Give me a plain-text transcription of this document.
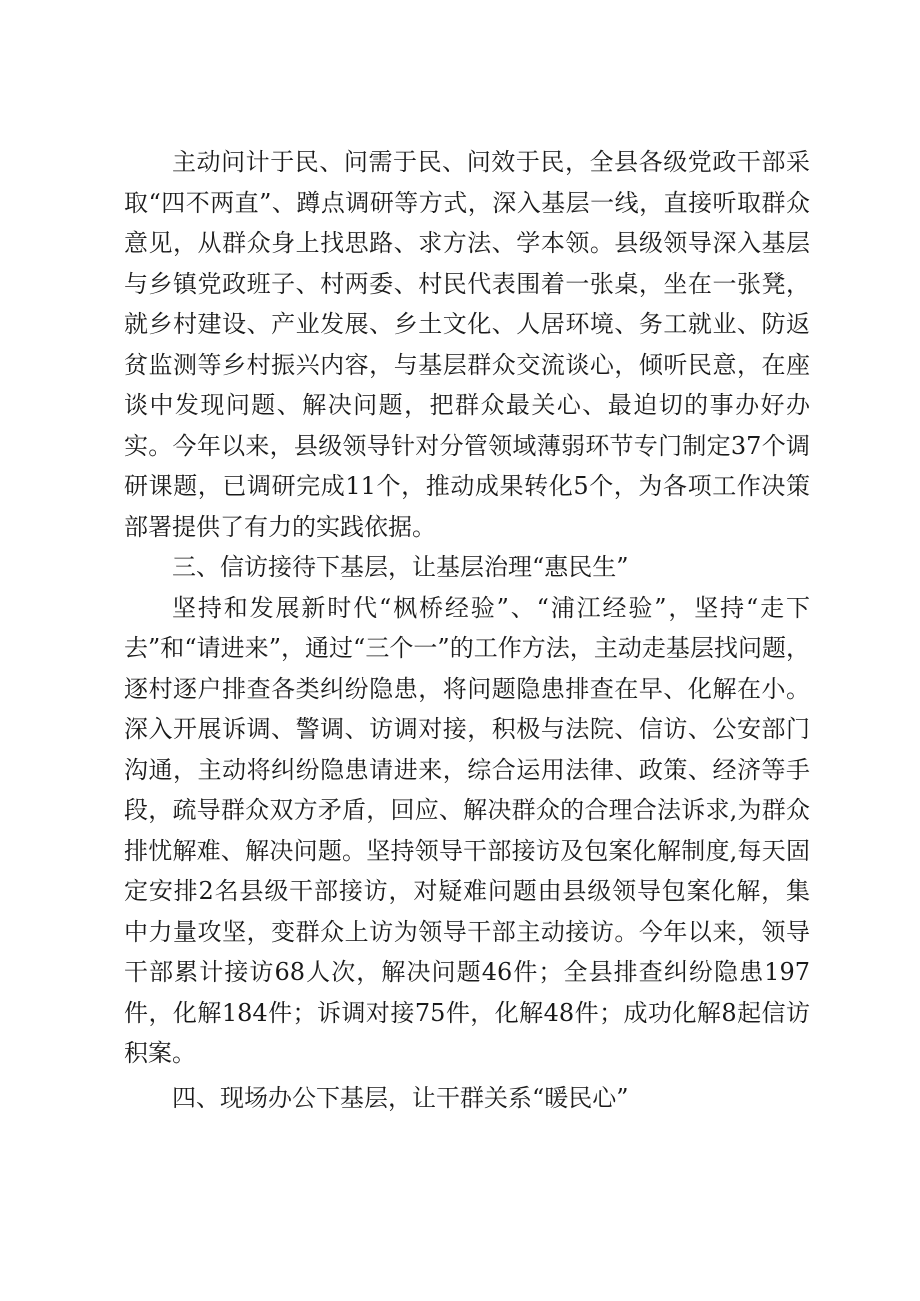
主动问计于民、问需于民、问效于民，全县各级党政干部采取“四不两直”、蹲点调研等方式，深入基层一线，直接听取群众意见，从群众身上找思路、求方法、学本领。县级领导深入基层与乡镇党政班子、村两委、村民代表围着一张桌，坐在一张凳，就乡村建设、产业发展、乡土文化、人居环境、务工就业、防返贫监测等乡村振兴内容，与基层群众交流谈心，倾听民意，在座谈中发现问题、解决问题，把群众最关心、最迫切的事办好办实。今年以来，县级领导针对分管领域薄弱环节专门制定37个调研课题，已调研完成11个，推动成果转化5个，为各项工作决策部署提供了有力的实践依据。

三、信访接待下基层，让基层治理“惠民生”

坚持和发展新时代“枫桥经验”、“浦江经验”，坚持“走下去”和“请进来”，通过“三个一”的工作方法，主动走基层找问题，逐村逐户排查各类纠纷隐患，将问题隐患排查在早、化解在小。深入开展诉调、警调、访调对接，积极与法院、信访、公安部门沟通，主动将纠纷隐患请进来，综合运用法律、政策、经济等手段，疏导群众双方矛盾，回应、解决群众的合理合法诉求,为群众排忧解难、解决问题。坚持领导干部接访及包案化解制度,每天固定安排2名县级干部接访，对疑难问题由县级领导包案化解，集中力量攻坚，变群众上访为领导干部主动接访。今年以来，领导干部累计接访68人次，解决问题46件；全县排查纠纷隐患197件，化解184件；诉调对接75件，化解48件；成功化解8起信访积案。

四、现场办公下基层，让干群关系“暖民心”
